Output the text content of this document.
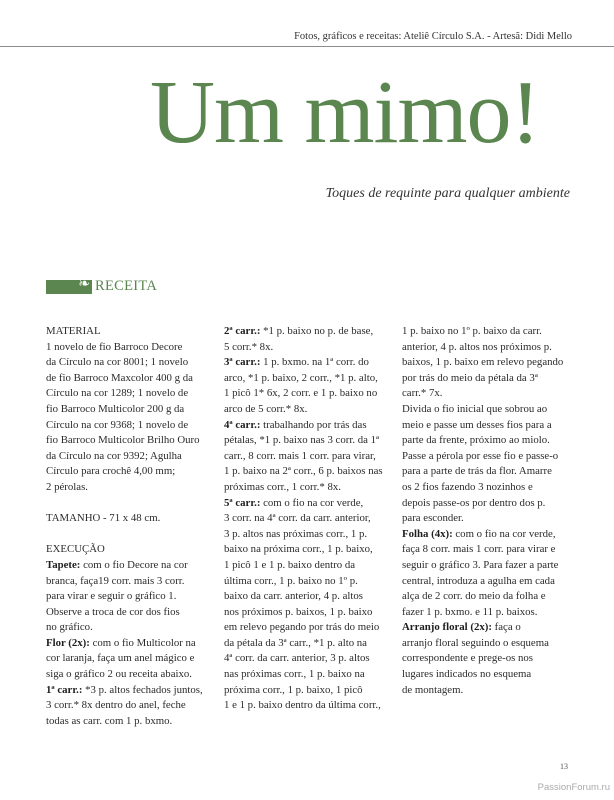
Fotos, gráficos e receitas: Ateliê Círculo S.A. - Artesã: Didi Mello
Um mimo!
Toques de requinte para qualquer ambiente
❧ RECEITA

MATERIAL

1 novelo de fio Barroco Decore

da Círculo na cor 8001; 1 novelo

de fio Barroco Maxcolor 400 g da

Círculo na cor 1289; 1 novelo de

fio Barroco Multicolor 200 g da

Círculo na cor 9368; 1 novelo de

fio Barroco Multicolor Brilho Ouro

da Círculo na cor 9392; Agulha

Círculo para crochê 4,00 mm;

2 pérolas.

TAMANHO - 71 x 48 cm.

EXECUÇÃO

Tapete: com o fio Decore na cor

branca, faça19 corr. mais 3 corr.

para virar e seguir o gráfico 1.

Observe a troca de cor dos fios

no gráfico.

Flor (2x): com o fio Multicolor na

cor laranja, faça um anel mágico e

siga o gráfico 2 ou receita abaixo.

1ª carr.: *3 p. altos fechados juntos,

3 corr.* 8x dentro do anel, feche

todas as carr. com 1 p. bxmo.

2ª carr.: *1 p. baixo no p. de base,

5 corr.* 8x.

3ª carr.: 1 p. bxmo. na 1ª corr. do

arco, *1 p. baixo, 2 corr., *1 p. alto,

1 picô 1* 6x, 2 corr. e 1 p. baixo no

arco de 5 corr.* 8x.

4ª carr.: trabalhando por trás das

pétalas, *1 p. baixo nas 3 corr. da 1ª

carr., 8 corr. mais 1 corr. para virar,

1 p. baixo na 2ª corr., 6 p. baixos nas

próximas corr., 1 corr.* 8x.

5ª carr.: com o fio na cor verde,

3 corr. na 4ª corr. da carr. anterior,

3 p. altos nas próximas corr., 1 p.

baixo na próxima corr., 1 p. baixo,

1 picô 1 e 1 p. baixo dentro da

última corr., 1 p. baixo no 1º p.

baixo da carr. anterior, 4 p. altos

nos próximos p. baixos, 1 p. baixo

em relevo pegando por trás do meio

da pétala da 3ª carr., *1 p. alto na

4ª corr. da carr. anterior, 3 p. altos

nas próximas corr., 1 p. baixo na

próxima corr., 1 p. baixo, 1 picô

1 e 1 p. baixo dentro da última corr.,

1 p. baixo no 1º p. baixo da carr.

anterior, 4 p. altos nos próximos p.

baixos, 1 p. baixo em relevo pegando

por trás do meio da pétala da 3ª

carr.* 7x.

Divida o fio inicial que sobrou ao

meio e passe um desses fios para a

parte da frente, próximo ao miolo.

Passe a pérola por esse fio e passe-o

para a parte de trás da flor. Amarre

os 2 fios fazendo 3 nozinhos e

depois passe-os por dentro dos p.

para esconder.

Folha (4x): com o fio na cor verde,

faça 8 corr. mais 1 corr. para virar e

seguir o gráfico 3. Para fazer a parte

central, introduza a agulha em cada

alça de 2 corr. do meio da folha e

fazer 1 p. bxmo. e 11 p. baixos.

Arranjo floral (2x): faça o

arranjo floral seguindo o esquema

correspondente e prege-os nos

lugares indicados no esquema

de montagem.

13
PassionForum.ru
